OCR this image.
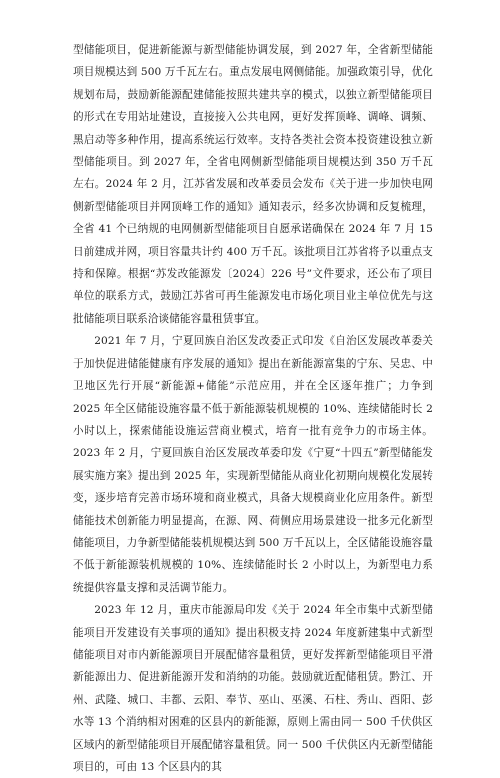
型储能项目，促进新能源与新型储能协调发展，到 2027 年，全省新型储能项目规模达到 500 万千瓦左右。重点发展电网侧储能。加强政策引导，优化规划布局，鼓励新能源配建储能按照共建共享的模式，以独立新型储能项目的形式在专用站址建设，直接接入公共电网，更好发挥顶峰、调峰、调频、黑启动等多种作用，提高系统运行效率。支持各类社会资本投资建设独立新型储能项目。到 2027 年，全省电网侧新型储能项目规模达到 350 万千瓦左右。2024 年 2 月，江苏省发展和改革委员会发布《关于进一步加快电网侧新型储能项目并网顶峰工作的通知》通知表示，经多次协调和反复梳理，全省 41 个已纳规的电网侧新型储能项目自愿承诺确保在 2024 年 7 月 15 日前建成并网，项目容量共计约 400 万千瓦。该批项目江苏省将予以重点支持和保障。根据“苏发改能源发〔2024〕226 号”文件要求，还公布了项目单位的联系方式，鼓励江苏省可再生能源发电市场化项目业主单位优先与这批储能项目联系洽谈储能容量租赁事宜。

2021 年 7 月，宁夏回族自治区发改委正式印发《自治区发展改革委关于加快促进储能健康有序发展的通知》提出在新能源富集的宁东、吴忠、中卫地区先行开展“新能源+储能”示范应用，并在全区逐年推广；力争到 2025 年全区储能设施容量不低于新能源装机规模的 10%、连续储能时长 2 小时以上，探索储能设施运营商业模式，培育一批有竞争力的市场主体。2023 年 2 月，宁夏回族自治区发展改革委印发《宁夏“十四五”新型储能发展实施方案》提出到 2025 年，实现新型储能从商业化初期向规模化发展转变，逐步培育完善市场环境和商业模式，具备大规模商业化应用条件。新型储能技术创新能力明显提高，在源、网、荷侧应用场景建设一批多元化新型储能项目，力争新型储能装机规模达到 500 万千瓦以上，全区储能设施容量不低于新能源装机规模的 10%、连续储能时长 2 小时以上，为新型电力系统提供容量支撑和灵活调节能力。

2023 年 12 月，重庆市能源局印发《关于 2024 年全市集中式新型储能项目开发建设有关事项的通知》提出积极支持 2024 年度新建集中式新型储能项目对市内新能源项目开展配储容量租赁，更好发挥新型储能项目平滑新能源出力、促进新能源开发和消纳的功能。鼓励就近配储租赁。黔江、开州、武隆、城口、丰都、云阳、奉节、巫山、巫溪、石柱、秀山、酉阳、彭水等 13 个消纳相对困难的区县内的新能源，原则上需由同一 500 千伏供区区域内的新型储能项目开展配储容量租赁。同一 500 千伏供区内无新型储能项目的，可由 13 个区县内的其
